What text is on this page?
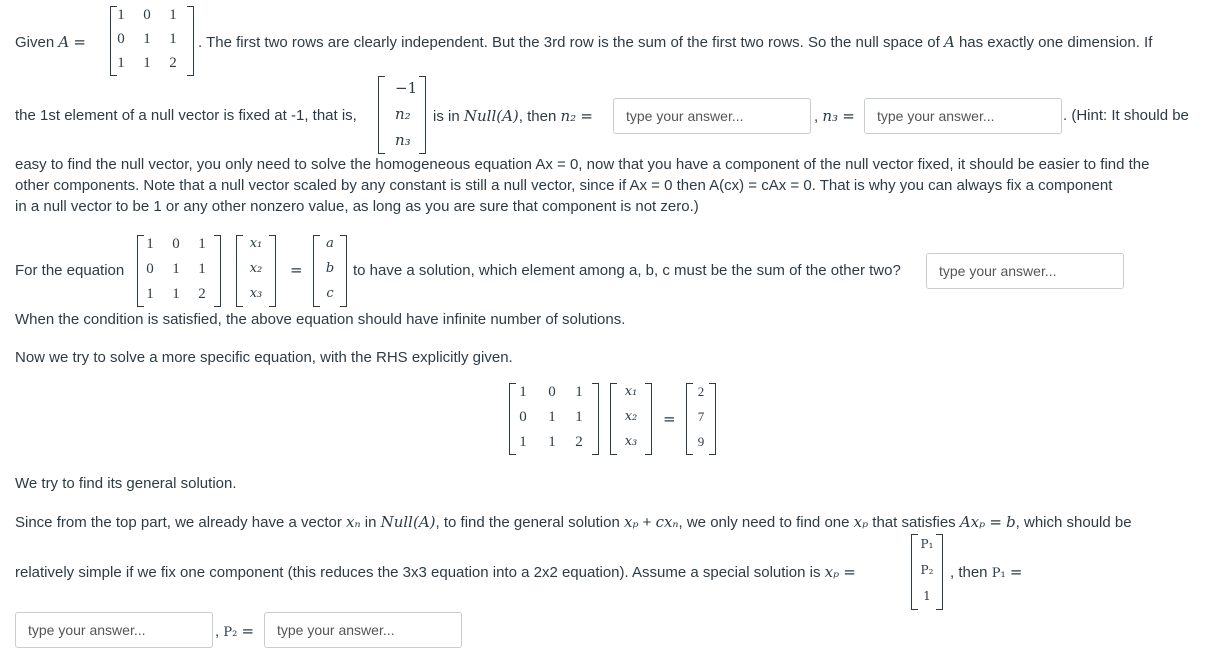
Given A =
1 0 1
0 1 1
1 1 2
. The first two rows are clearly independent. But the 3rd row is the sum of the first two rows. So the null space of A has exactly one dimension. If
the 1st element of a null vector is fixed at -1, that is,
−1
n₂
n₃
is in Null(A), then n₂ =
type your answer...	, n₃ =
type your answer...	. (Hint: It should be
easy to find the null vector, you only need to solve the homogeneous equation Ax = 0, now that you have a component of the null vector fixed, it should be easier to find the
other components. Note that a null vector scaled by any constant is still a null vector, since if Ax = 0 then A(cx) = cAx = 0. That is why you can always fix a component
in a null vector to be 1 or any other nonzero value, as long as you are sure that component is not zero.)
For the equation
1 0 1
0 1 1
1 1 2
x₁
x₂
x₃
=
a
b
c
to have a solution, which element among a, b, c must be the sum of the other two?
type your answer...
When the condition is satisfied, the above equation should have infinite number of solutions.
Now we try to solve a more specific equation, with the RHS explicitly given.
1 0 1
0 1 1
1 1 2
x₁
x₂
x₃
=
2
7
9
We try to find its general solution.
Since from the top part, we already have a vector xₙ in Null(A), to find the general solution xₚ + cxₙ, we only need to find one xₚ that satisfies Axₚ = b, which should be
relatively simple if we fix one component (this reduces the 3x3 equation into a 2x2 equation). Assume a special solution is xₚ =
P₁
P₂
1
, then P₁ =
type your answer...
, P₂ =
type your answer...
